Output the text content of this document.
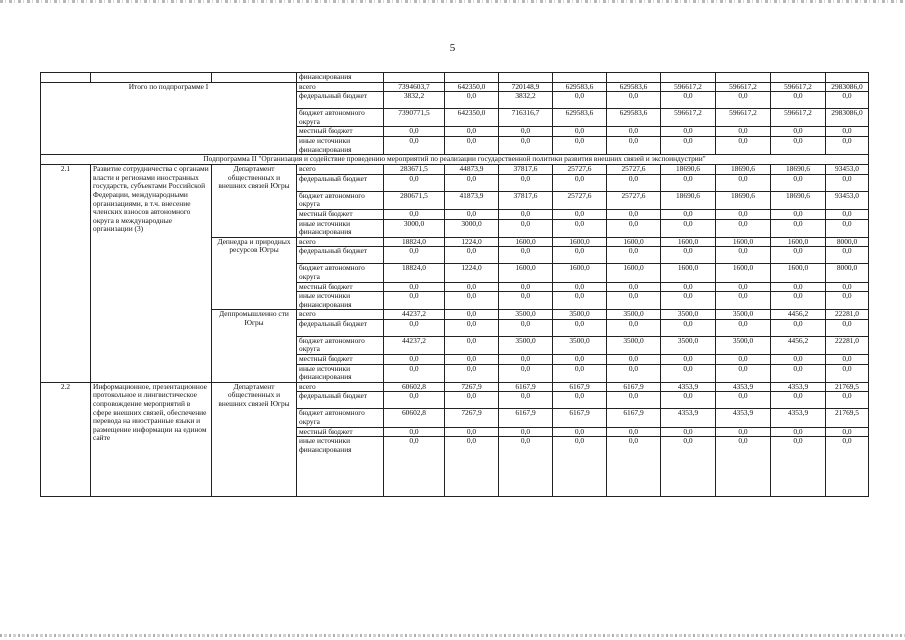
5
			финансирования									
Итого по подпрограмме I			всего	7394603,7	642350,0	720148,9	629583,6	629583,6	596617,2	596617,2	596617,2	2983086,0
			федеральный бюджет	3832,2	0,0	3832,2	0,0	0,0	0,0	0,0	0,0	0,0
			бюджет автономного округа	7390771,5	642350,0	716316,7	629583,6	629583,6	596617,2	596617,2	596617,2	2983086,0
			местный бюджет	0,0	0,0	0,0	0,0	0,0	0,0	0,0	0,0	0,0
			иные источники финансирования	0,0	0,0	0,0	0,0	0,0	0,0	0,0	0,0	0,0
Подпрограмма II "Организация и содействие проведению мероприятий по реализации государственной политики развития внешних связей и экспоиндустрии"												
2.1	Развитие сотрудничества с органами власти и регионами иностранных государств, субъектами Российской Федерации, международными организациями, в т.ч. внесение членских взносов автономного округа в международные организации (3)	Департамент общественных и внешних связей Югры	всего	283671,5	44873,9	37817,6	25727,6	25727,6	18690,6	18690,6	18690,6	93453,0
			федеральный бюджет	0,0	0,0	0,0	0,0	0,0	0,0	0,0	0,0	0,0
			бюджет автономного округа	280671,5	41873,9	37817,6	25727,6	25727,6	18690,6	18690,6	18690,6	93453,0
			местный бюджет	0,0	0,0	0,0	0,0	0,0	0,0	0,0	0,0	0,0
			иные источники финансирования	3000,0	3000,0	0,0	0,0	0,0	0,0	0,0	0,0	0,0
		Депнедра и природных ресурсов Югры	всего	18824,0	1224,0	1600,0	1600,0	1600,0	1600,0	1600,0	1600,0	8000,0
			федеральный бюджет	0,0	0,0	0,0	0,0	0,0	0,0	0,0	0,0	0,0
			бюджет автономного округа	18824,0	1224,0	1600,0	1600,0	1600,0	1600,0	1600,0	1600,0	8000,0
			местный бюджет	0,0	0,0	0,0	0,0	0,0	0,0	0,0	0,0	0,0
			иные источники финансирования	0,0	0,0	0,0	0,0	0,0	0,0	0,0	0,0	0,0
		Деппромышленно сти Югры	всего	44237,2	0,0	3500,0	3500,0	3500,0	3500,0	3500,0	4456,2	22281,0
			федеральный бюджет	0,0	0,0	0,0	0,0	0,0	0,0	0,0	0,0	0,0
			бюджет автономного округа	44237,2	0,0	3500,0	3500,0	3500,0	3500,0	3500,0	4456,2	22281,0
			местный бюджет	0,0	0,0	0,0	0,0	0,0	0,0	0,0	0,0	0,0
			иные источники финансирования	0,0	0,0	0,0	0,0	0,0	0,0	0,0	0,0	0,0
2.2	Информационное, презентационное протокольное и лингвистическое сопровождение мероприятий в сфере внешних связей, обеспечение перевода на иностранные языки и размещение информации на едином сайте	Департамент общественных и внешних связей Югры	всего	60602,8	7267,9	6167,9	6167,9	6167,9	4353,9	4353,9	4353,9	21769,5
			федеральный бюджет	0,0	0,0	0,0	0,0	0,0	0,0	0,0	0,0	0,0
			бюджет автономного округа	60602,8	7267,9	6167,9	6167,9	6167,9	4353,9	4353,9	4353,9	21769,5
			местный бюджет	0,0	0,0	0,0	0,0	0,0	0,0	0,0	0,0	0,0
			иные источники финансирования	0,0	0,0	0,0	0,0	0,0	0,0	0,0	0,0	0,0
